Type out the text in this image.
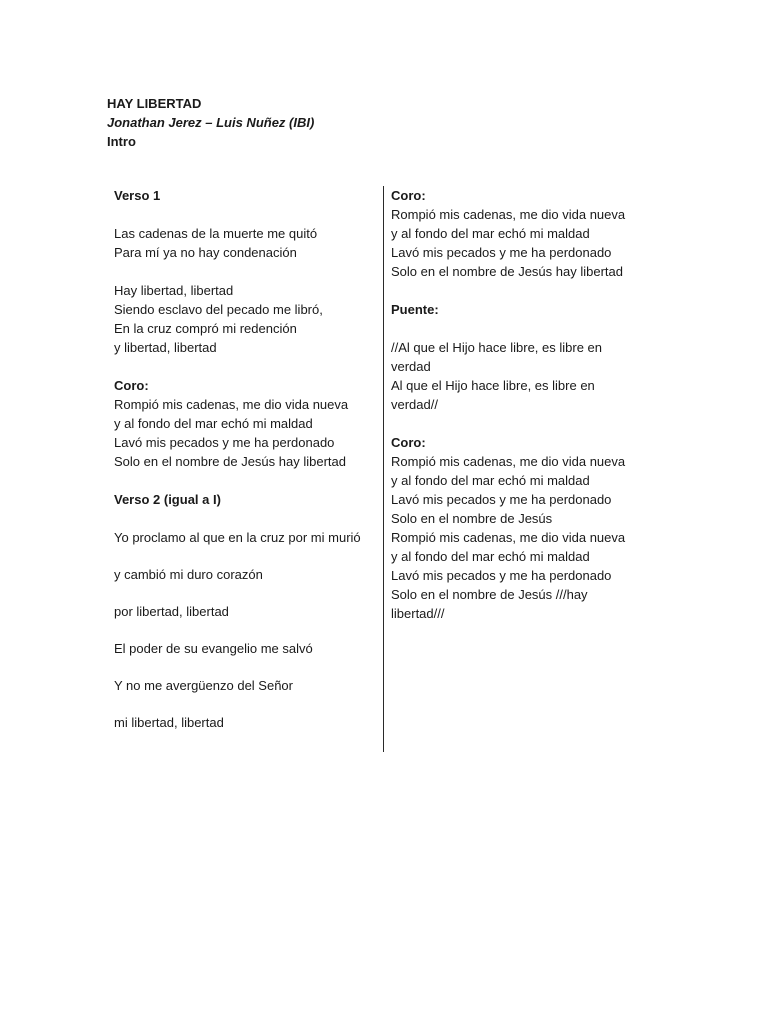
HAY LIBERTAD
Jonathan Jerez – Luis Nuñez (IBI)
Intro
Verso 1
Las cadenas de la muerte me quitó
Para mí ya no hay condenación
Hay libertad, libertad
Siendo esclavo del pecado me libró,
En la cruz compró mi redención
y libertad, libertad
Coro:
Rompió mis cadenas, me dio vida nueva
y al fondo del mar echó mi maldad
Lavó mis pecados y me ha perdonado
Solo en el nombre de Jesús hay libertad
Verso 2 (igual a I)
Yo proclamo al que en la cruz por mi murió
y cambió mi duro corazón
por libertad, libertad
El poder de su evangelio me salvó
Y no me avergüenzo del Señor
mi libertad, libertad
Coro:
Rompió mis cadenas, me dio vida nueva
y al fondo del mar echó mi maldad
Lavó mis pecados y me ha perdonado
Solo en el nombre de Jesús hay libertad
Puente:
//Al que el Hijo hace libre, es libre en
verdad
Al que el Hijo hace libre, es libre en
verdad//
Coro:
Rompió mis cadenas, me dio vida nueva
y al fondo del mar echó mi maldad
Lavó mis pecados y me ha perdonado
Solo en el nombre de Jesús
Rompió mis cadenas, me dio vida nueva
y al fondo del mar echó mi maldad
Lavó mis pecados y me ha perdonado
Solo en el nombre de Jesús ///hay
libertad///
